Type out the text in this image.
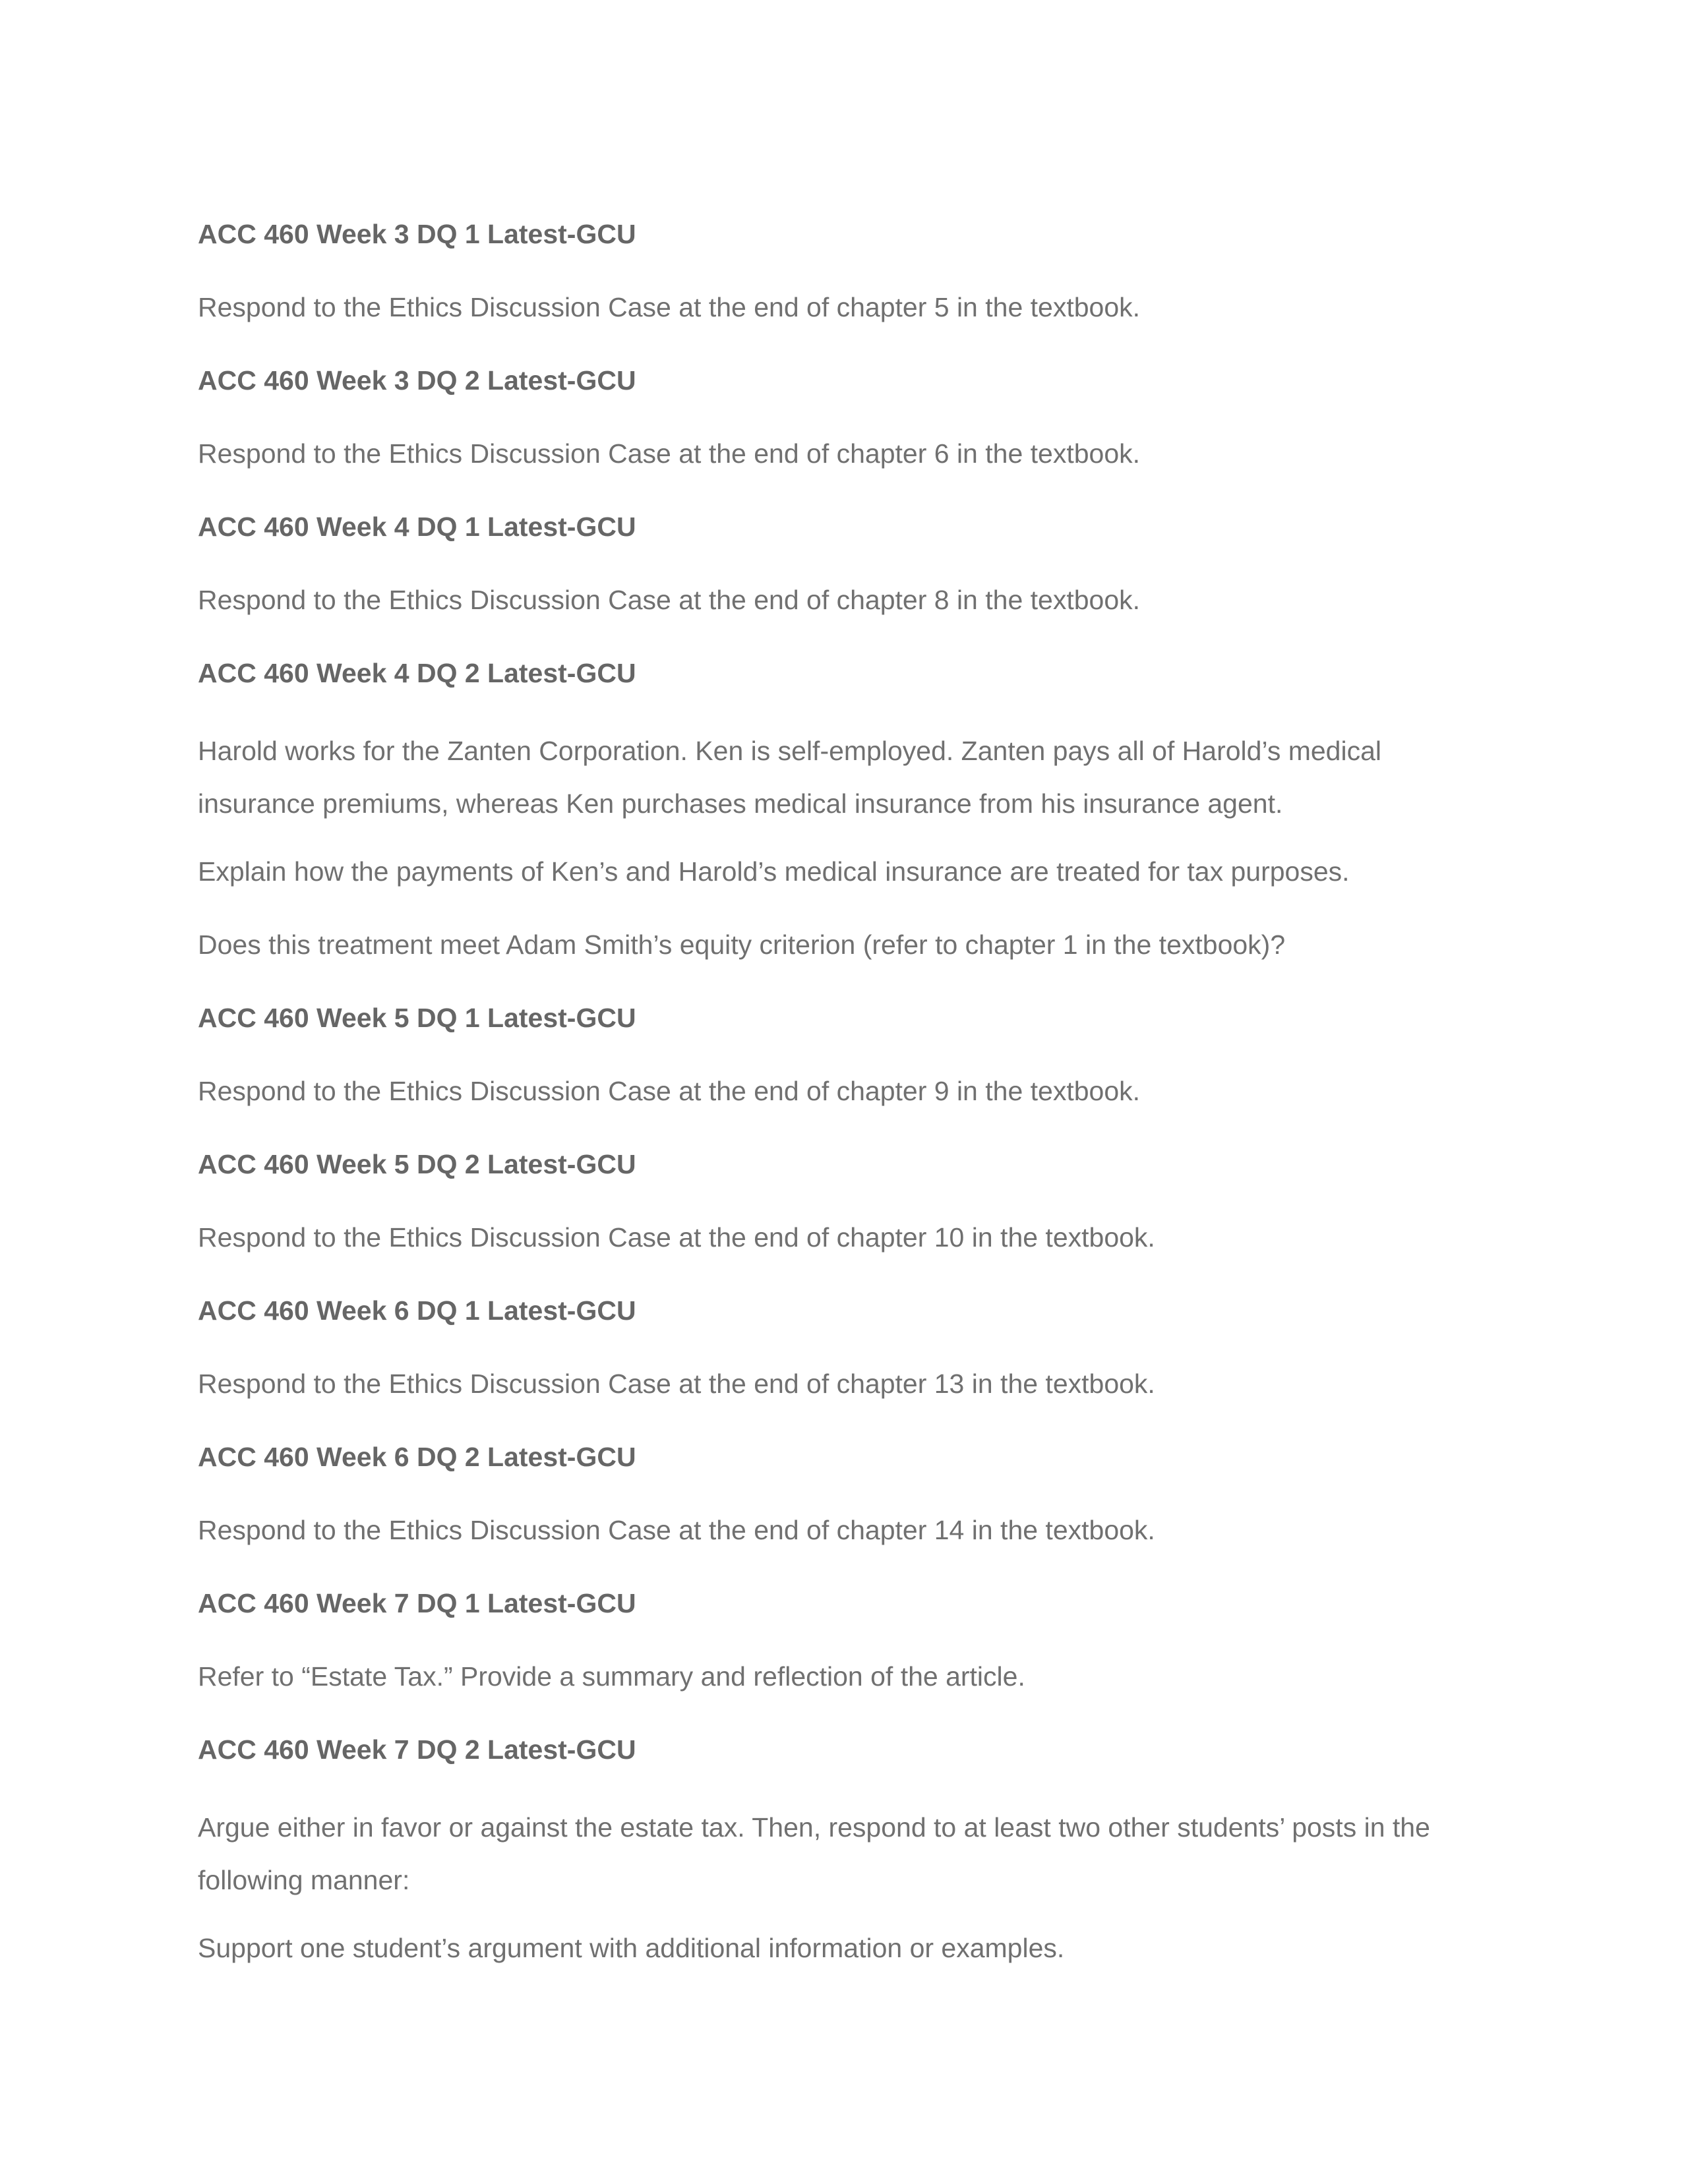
ACC 460 Week 3 DQ 1 Latest-GCU
Respond to the Ethics Discussion Case at the end of chapter 5 in the textbook.
ACC 460 Week 3 DQ 2 Latest-GCU
Respond to the Ethics Discussion Case at the end of chapter 6 in the textbook.
ACC 460 Week 4 DQ 1 Latest-GCU
Respond to the Ethics Discussion Case at the end of chapter 8 in the textbook.
ACC 460 Week 4 DQ 2 Latest-GCU
Harold works for the Zanten Corporation. Ken is self-employed. Zanten pays all of Harold’s medical insurance premiums, whereas Ken purchases medical insurance from his insurance agent.
Explain how the payments of Ken’s and Harold’s medical insurance are treated for tax purposes.
Does this treatment meet Adam Smith’s equity criterion (refer to chapter 1 in the textbook)?
ACC 460 Week 5 DQ 1 Latest-GCU
Respond to the Ethics Discussion Case at the end of chapter 9 in the textbook.
ACC 460 Week 5 DQ 2 Latest-GCU
Respond to the Ethics Discussion Case at the end of chapter 10 in the textbook.
ACC 460 Week 6 DQ 1 Latest-GCU
Respond to the Ethics Discussion Case at the end of chapter 13 in the textbook.
ACC 460 Week 6 DQ 2 Latest-GCU
Respond to the Ethics Discussion Case at the end of chapter 14 in the textbook.
ACC 460 Week 7 DQ 1 Latest-GCU
Refer to “Estate Tax.” Provide a summary and reflection of the article.
ACC 460 Week 7 DQ 2 Latest-GCU
Argue either in favor or against the estate tax. Then, respond to at least two other students’ posts in the following manner:
Support one student’s argument with additional information or examples.
